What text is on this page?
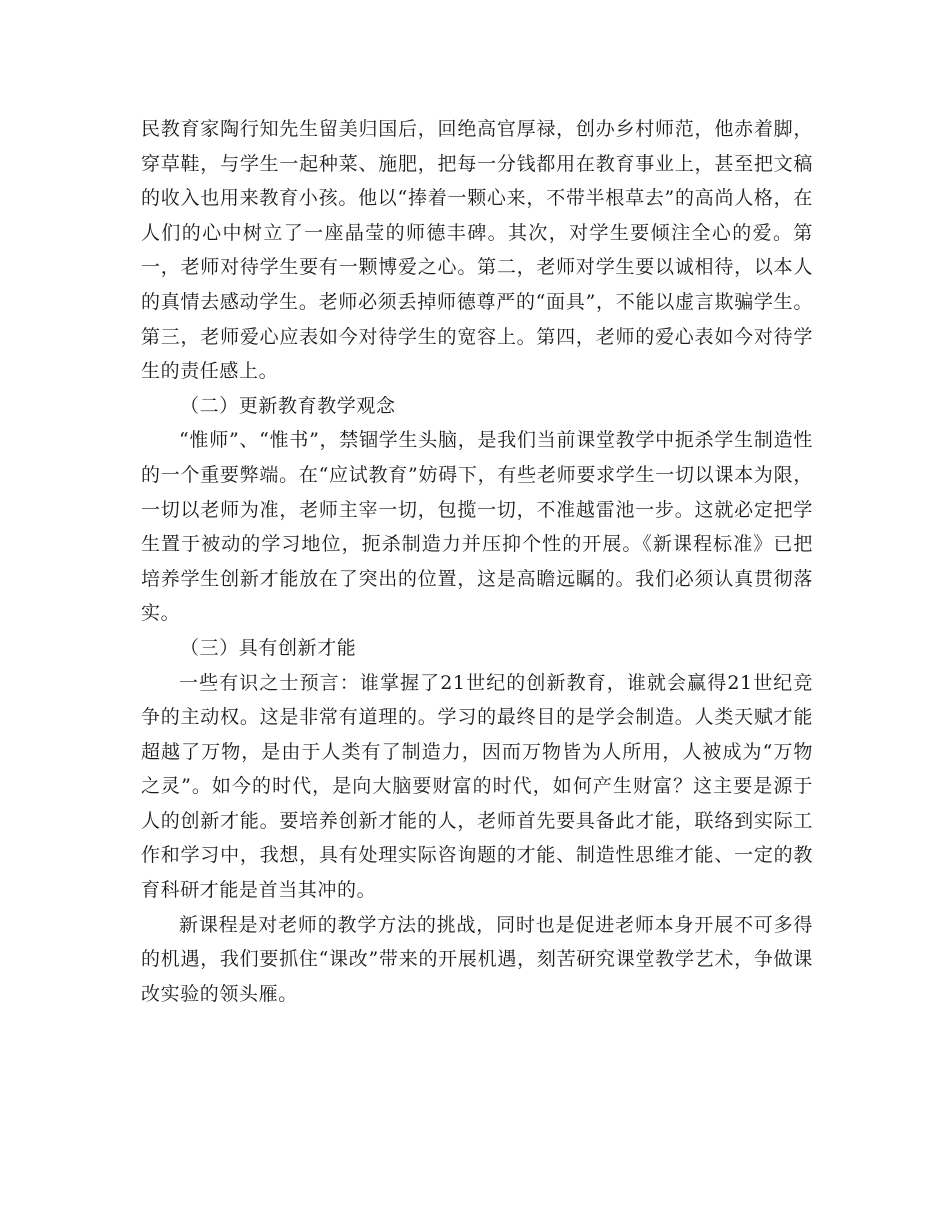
民教育家陶行知先生留美归国后，回绝高官厚禄，创办乡村师范，他赤着脚，穿草鞋，与学生一起种菜、施肥，把每一分钱都用在教育事业上，甚至把文稿的收入也用来教育小孩。他以“捧着一颗心来，不带半根草去”的高尚人格，在人们的心中树立了一座晶莹的师德丰碑。其次，对学生要倾注全心的爱。第一，老师对待学生要有一颗博爱之心。第二，老师对学生要以诚相待，以本人的真情去感动学生。老师必须丢掉师德尊严的“面具”，不能以虚言欺骗学生。第三，老师爱心应表如今对待学生的宽容上。第四，老师的爱心表如今对待学生的责任感上。

（二）更新教育教学观念

“惟师”、“惟书”，禁锢学生头脑，是我们当前课堂教学中扼杀学生制造性的一个重要弊端。在“应试教育”妨碍下，有些老师要求学生一切以课本为限，一切以老师为准，老师主宰一切，包揽一切，不准越雷池一步。这就必定把学生置于被动的学习地位，扼杀制造力并压抑个性的开展。《新课程标准》已把培养学生创新才能放在了突出的位置，这是高瞻远瞩的。我们必须认真贯彻落实。

（三）具有创新才能

一些有识之士预言：谁掌握了21世纪的创新教育，谁就会赢得21世纪竞争的主动权。这是非常有道理的。学习的最终目的是学会制造。人类天赋才能超越了万物，是由于人类有了制造力，因而万物皆为人所用，人被成为“万物之灵”。如今的时代，是向大脑要财富的时代，如何产生财富？这主要是源于人的创新才能。要培养创新才能的人，老师首先要具备此才能，联络到实际工作和学习中，我想，具有处理实际咨询题的才能、制造性思维才能、一定的教育科研才能是首当其冲的。

新课程是对老师的教学方法的挑战，同时也是促进老师本身开展不可多得的机遇，我们要抓住“课改”带来的开展机遇，刻苦研究课堂教学艺术，争做课改实验的领头雁。
